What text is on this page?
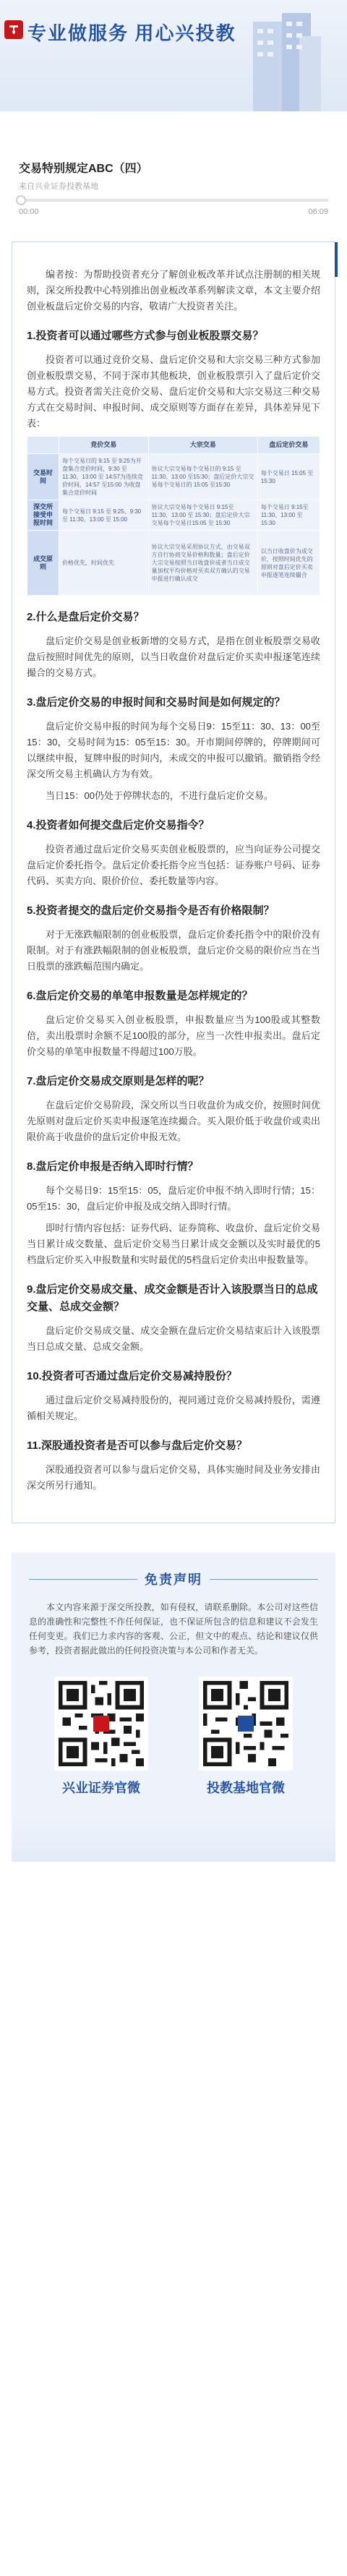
专业做服务 用心兴投教
交易特别规定ABC（四）
来自兴业证券投教基地
00:00	06:09

编者按：为帮助投资者充分了解创业板改革并试点注册制的相关规则，深交所投教中心特别推出创业板改革系列解读文章，本文主要介绍创业板盘后定价交易的内容，敬请广大投资者关注。

1.投资者可以通过哪些方式参与创业板股票交易？

投资者可以通过竞价交易、盘后定价交易和大宗交易三种方式参加创业板股票交易，不同于深市其他板块，创业板股票引入了盘后定价交易方式。投资者需关注竞价交易、盘后定价交易和大宗交易这三种交易方式在交易时间、申报时间、成交原则等方面存在差异，具体差异见下表：

	竞价交易	大宗交易	盘后定价交易
交易时间	每个交易日的 9:15 至 9:25为开盘集合竞价时间，9:30 至 11:30、13:00 至 14:57为连续竞价时间，14:57 至15:00 为收盘集合竞价时间	协议大宗交易每个交易日的 9:15 至 11:30、13:00 至15:30；盘后定价大宗交易每个交易日的 15:05 至15:30	每个交易日 15:05 至 15:30
深交所接受申报时间	每个交易日 9:15 至 9:25、9:30 至 11:30、13:00 至 15:00	协议大宗交易每个交易日 9:15至 11:30、13:00 至 15:30；盘后定价大宗交易每个交易日15:05 至 15:30	每个交易日 9:15至 11:30、13:00 至 15:30
成交原则	价格优先、时间优先	协议大宗交易采用协议方式，由交易双方自行协商交易价格和数量；盘后定价大宗交易按照当日收盘价或者当日成交量加权平均价格对买卖双方确认的交易申报进行确认成交	以当日收盘价为成交价，按照时间优先的原则对盘后定价买卖申报逐笔连续撮合
2.什么是盘后定价交易？

盘后定价交易是创业板新增的交易方式，是指在创业板股票交易收盘后按照时间优先的原则，以当日收盘价对盘后定价买卖申报逐笔连续撮合的交易方式。

3.盘后定价交易的申报时间和交易时间是如何规定的？

盘后定价交易申报的时间为每个交易日9：15至11：30、13：00至15：30，交易时间为15：05至15：30。开市期间停牌的，停牌期间可以继续申报，复牌申报的时间内，未成交的申报可以撤销。撤销指令经深交所交易主机确认方为有效。

当日15：00仍处于停牌状态的，不进行盘后定价交易。

4.投资者如何提交盘后定价交易指令？

投资者通过盘后定价交易买卖创业板股票的，应当向证券公司提交盘后定价委托指令。盘后定价委托指令应当包括：证券账户号码、证券代码、买卖方向、限价价位、委托数量等内容。

5.投资者提交的盘后定价交易指令是否有价格限制？

对于无涨跌幅限制的创业板股票，盘后定价委托指令中的限价没有限制。对于有涨跌幅限制的创业板股票，盘后定价交易的限价应当在当日股票的涨跌幅范围内确定。

6.盘后定价交易的单笔申报数量是怎样规定的？

盘后定价交易买入创业板股票，申报数量应当为100股或其整数倍，卖出股票时余额不足100股的部分，应当一次性申报卖出。盘后定价交易的单笔申报数量不得超过100万股。

7.盘后定价交易成交原则是怎样的呢？

在盘后定价交易阶段，深交所以当日收盘价为成交价，按照时间优先原则对盘后定价买卖申报逐笔连续撮合。买入限价低于收盘价或卖出限价高于收盘价的盘后定价申报无效。

8.盘后定价申报是否纳入即时行情？

每个交易日9：15至15：05，盘后定价申报不纳入即时行情；15：05至15：30，盘后定价申报及成交纳入即时行情。

即时行情内容包括：证券代码、证券简称、收盘价、盘后定价交易当日累计成交数量、盘后定价交易当日累计成交金额以及实时最优的5档盘后定价买入申报数量和实时最优的5档盘后定价卖出申报数量等。

9.盘后定价交易成交量、成交金额是否计入该股票当日的总成交量、总成交金额？

盘后定价交易成交量、成交金额在盘后定价交易结束后计入该股票当日总成交量、总成交金额。

10.投资者可否通过盘后定价交易减持股份？

通过盘后定价交易减持股份的，视同通过竞价交易减持股份，需遵循相关规定。

11.深股通投资者是否可以参与盘后定价交易？

深股通投资者可以参与盘后定价交易，具体实施时间及业务安排由深交所另行通知。

免责声明

本文内容来源于深交所投教，如有侵权，请联系删除。本公司对这些信息的准确性和完整性不作任何保证，也不保证所包含的信息和建议不会发生任何变更。我们已力求内容的客观、公正，但文中的观点、结论和建议仅供参考，投资者据此做出的任何投资决策与本公司和作者无关。

兴业证券官微	投教基地官微
